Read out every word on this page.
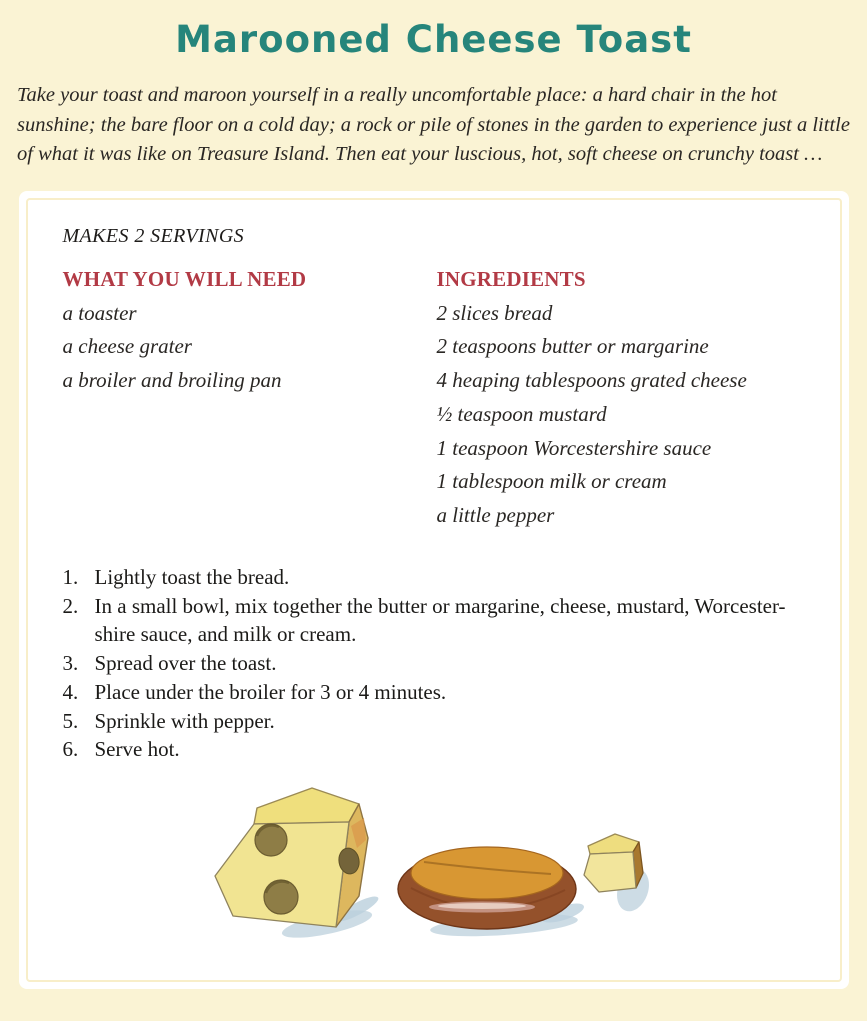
Marooned Cheese Toast
Take your toast and maroon yourself in a really uncomfortable place: a hard chair in the hot
sunshine; the bare floor on a cold day; a rock or pile of stones in the garden to experience just a little
of what it was like on Treasure Island. Then eat your luscious, hot, soft cheese on crunchy toast …
MAKES 2 SERVINGS
WHAT YOU WILL NEED
a toaster
a cheese grater
a broiler and broiling pan
INGREDIENTS
2 slices bread
2 teaspoons butter or margarine
4 heaping tablespoons grated cheese
½ teaspoon mustard
1 teaspoon Worcestershire sauce
1 tablespoon milk or cream
a little pepper
1. Lightly toast the bread.
2. In a small bowl, mix together the butter or margarine, cheese, mustard, Worcester-
shire sauce, and milk or cream.
3. Spread over the toast.
4. Place under the broiler for 3 or 4 minutes.
5. Sprinkle with pepper.
6. Serve hot.
